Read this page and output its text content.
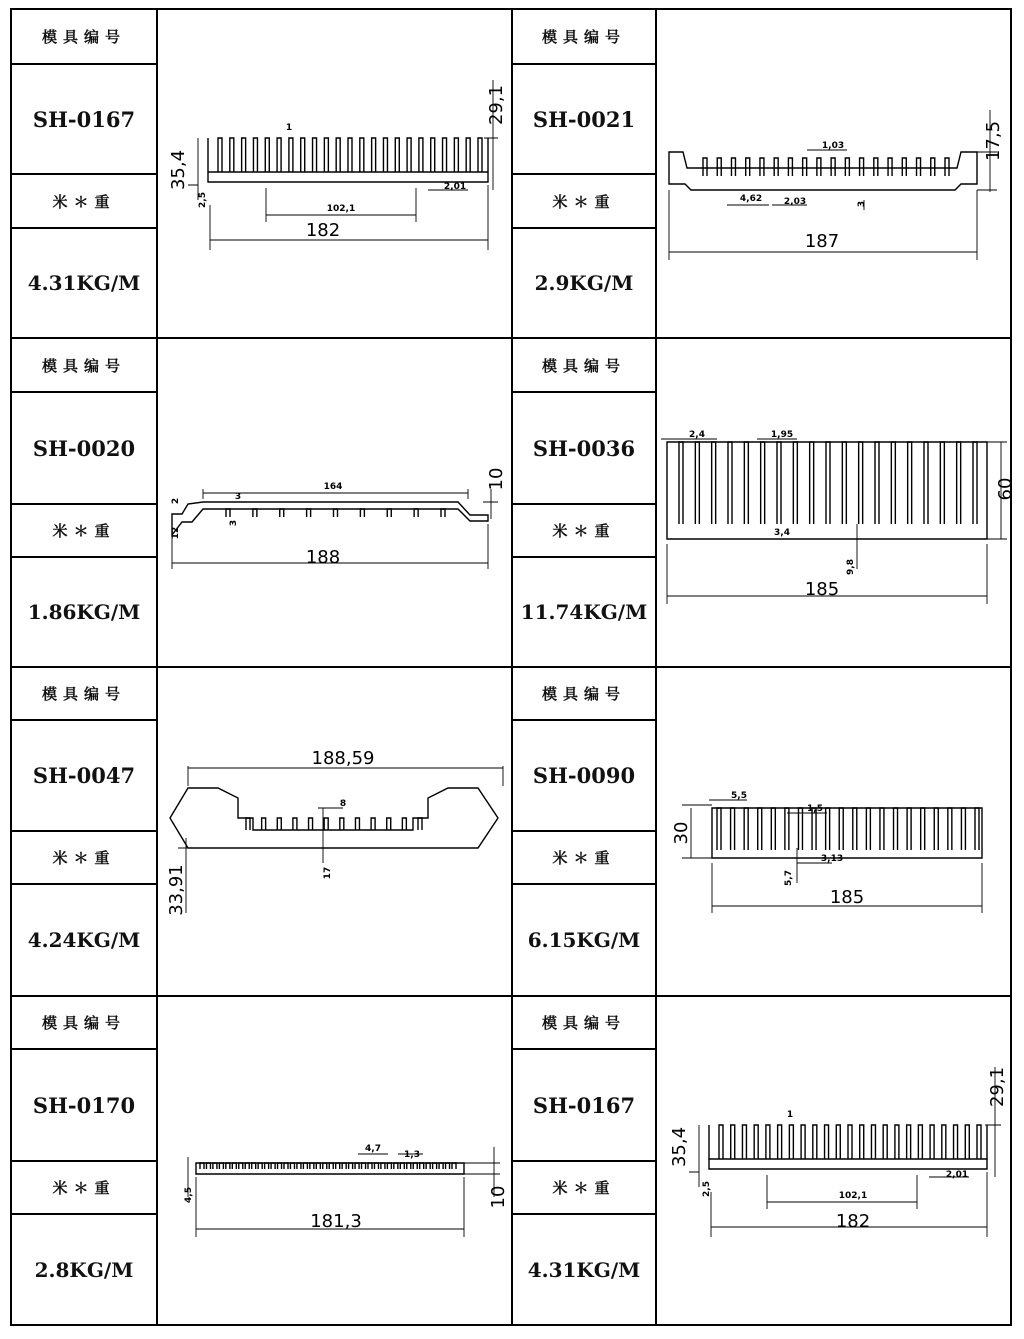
模具编号
SH-0167
米＊重
4.31KG/M
模具编号
SH-0020
米＊重
1.86KG/M
模具编号
SH-0047
米＊重
4.24KG/M
模具编号
SH-0170
米＊重
2.8KG/M
模具编号
SH-0021
米＊重
2.9KG/M
模具编号
SH-0036
米＊重
11.74KG/M
模具编号
SH-0090
米＊重
6.15KG/M
模具编号
SH-0167
米＊重
4.31KG/M
182
102,1
29,1
35,4
1
2,5
2,01
187
17,5
1,03
4,62 2,03	3
188
164	10
3
3
2
12
185
60
2,4	1,95
3,4
9,8
188,59
33,91
8
17
185
30
5,5
1,5
3,13
5,7
181,3
10
4,7
1,3
4,5
182
102,1
29,1
35,4
1
2,5
2,01
